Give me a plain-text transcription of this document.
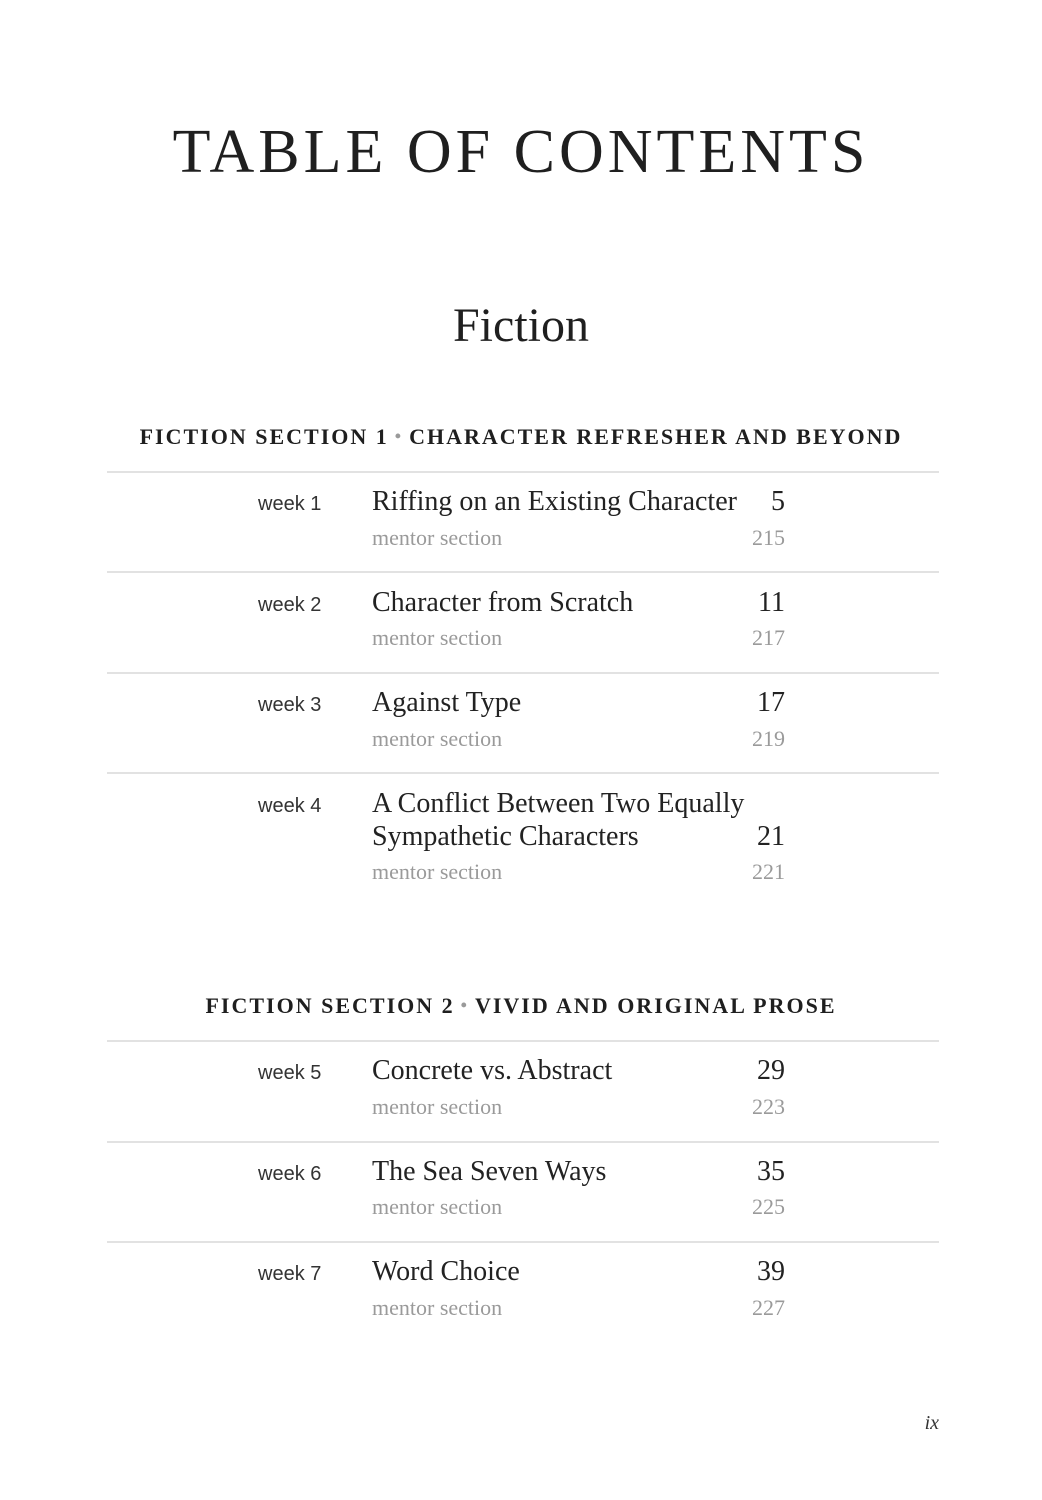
TABLE OF CONTENTS
Fiction
FICTION SECTION 1 • CHARACTER REFRESHER AND BEYOND
week 1 Riffing on an Existing Character 5
mentor section	215
week 2 Character from Scratch	11
mentor section	217
week 3 Against Type	17
mentor section	219
week 4 A Conflict Between Two Equally
Sympathetic Characters	21
mentor section	221
FICTION SECTION 2 • VIVID AND ORIGINAL PROSE
week 5 Concrete vs. Abstract	29
mentor section	223
week 6 The Sea Seven Ways	35
mentor section	225
week 7 Word Choice	39
mentor section	227
ix
